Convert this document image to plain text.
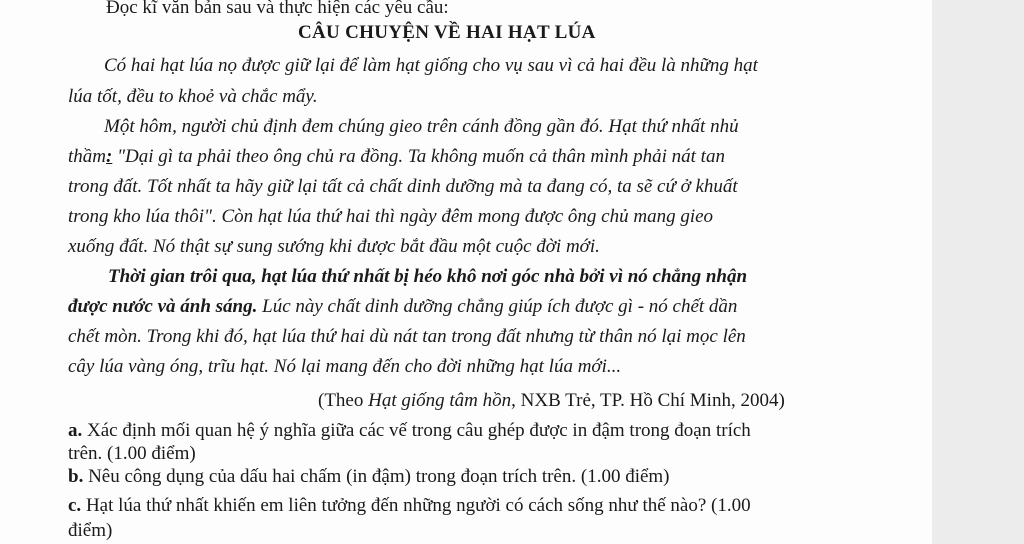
Đọc kĩ văn bản sau và thực hiện các yêu cầu:
CÂU CHUYỆN VỀ HAI HẠT LÚA
Có hai hạt lúa nọ được giữ lại để làm hạt giống cho vụ sau vì cả hai đều là những hạt
lúa tốt, đều to khoẻ và chắc mẩy.
Một hôm, người chủ định đem chúng gieo trên cánh đồng gần đó. Hạt thứ nhất nhủ
thầm: "Dại gì ta phải theo ông chủ ra đồng. Ta không muốn cả thân mình phải nát tan
trong đất. Tốt nhất ta hãy giữ lại tất cả chất dinh dưỡng mà ta đang có, ta sẽ cứ ở khuất
trong kho lúa thôi". Còn hạt lúa thứ hai thì ngày đêm mong được ông chủ mang gieo
xuống đất. Nó thật sự sung sướng khi được bắt đầu một cuộc đời mới.
Thời gian trôi qua, hạt lúa thứ nhất bị héo khô nơi góc nhà bởi vì nó chẳng nhận
được nước và ánh sáng. Lúc này chất dinh dưỡng chẳng giúp ích được gì - nó chết dần
chết mòn. Trong khi đó, hạt lúa thứ hai dù nát tan trong đất nhưng từ thân nó lại mọc lên
cây lúa vàng óng, trĩu hạt. Nó lại mang đến cho đời những hạt lúa mới...
(Theo Hạt giống tâm hồn, NXB Trẻ, TP. Hồ Chí Minh, 2004)
a. Xác định mối quan hệ ý nghĩa giữa các vế trong câu ghép được in đậm trong đoạn trích
trên. (1.00 điểm)
b. Nêu công dụng của dấu hai chấm (in đậm) trong đoạn trích trên. (1.00 điểm)
c. Hạt lúa thứ nhất khiến em liên tưởng đến những người có cách sống như thế nào? (1.00
điểm)
